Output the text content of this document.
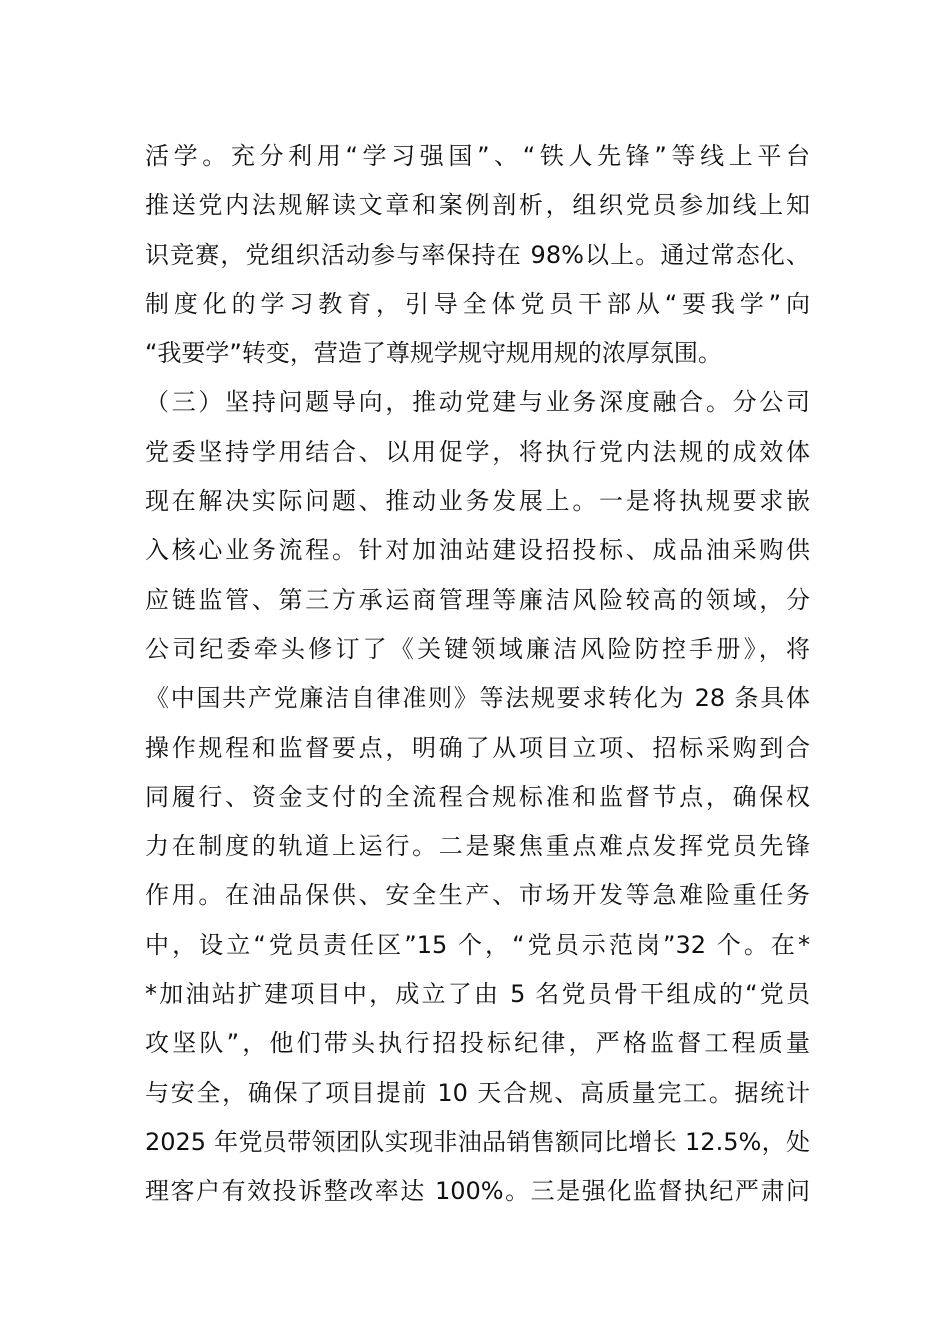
活学。充分利用“学习强国”、“铁人先锋”等线上平台
推送党内法规解读文章和案例剖析，组织党员参加线上知
识竞赛，党组织活动参与率保持在 98%以上。通过常态化、
制度化的学习教育，引导全体党员干部从“要我学”向
“我要学”转变，营造了尊规学规守规用规的浓厚氛围。
（三）坚持问题导向，推动党建与业务深度融合。分公司
党委坚持学用结合、以用促学，将执行党内法规的成效体
现在解决实际问题、推动业务发展上。一是将执规要求嵌
入核心业务流程。针对加油站建设招投标、成品油采购供
应链监管、第三方承运商管理等廉洁风险较高的领域，分
公司纪委牵头修订了《关键领域廉洁风险防控手册》，将
《中国共产党廉洁自律准则》等法规要求转化为 28 条具体
操作规程和监督要点，明确了从项目立项、招标采购到合
同履行、资金支付的全流程合规标准和监督节点，确保权
力在制度的轨道上运行。二是聚焦重点难点发挥党员先锋
作用。在油品保供、安全生产、市场开发等急难险重任务
中，设立“党员责任区”15 个，“党员示范岗”32 个。在*
*加油站扩建项目中，成立了由 5 名党员骨干组成的“党员
攻坚队”，他们带头执行招投标纪律，严格监督工程质量
与安全，确保了项目提前 10 天合规、高质量完工。据统计
2025 年党员带领团队实现非油品销售额同比增长 12.5%，处
理客户有效投诉整改率达 100%。三是强化监督执纪严肃问
